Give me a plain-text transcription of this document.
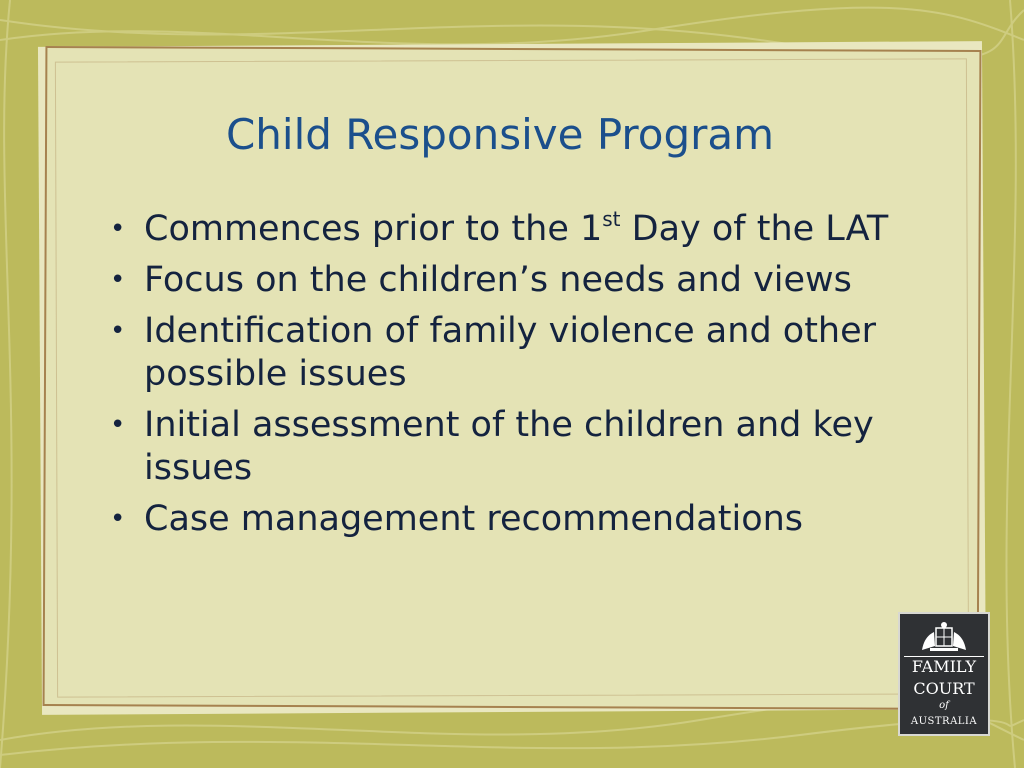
Child Responsive Program
• Commences prior to the 1st Day of the LAT
• Focus on the children’s needs and views
• Identification of family violence and other possible issues
• Initial assessment of the children and key issues
• Case management recommendations
FAMILY
COURT
of
AUSTRALIA
